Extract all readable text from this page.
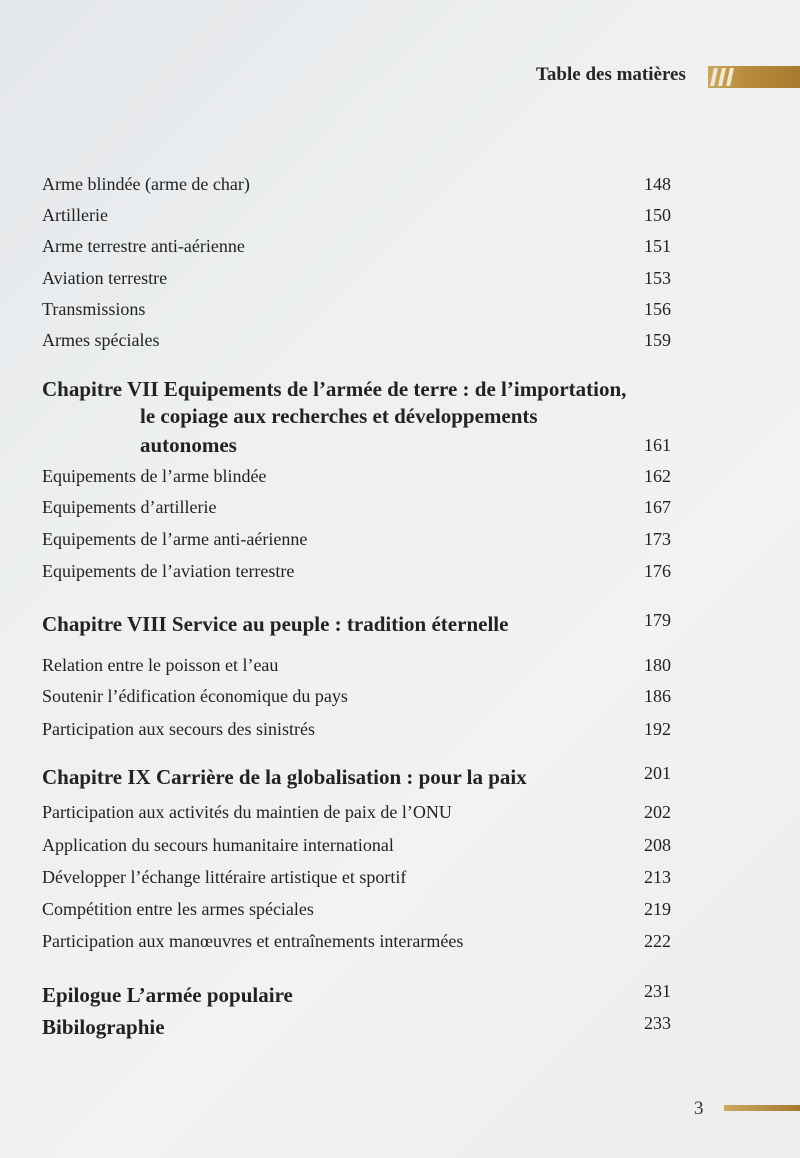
Table des matières
Arme blindée (arme de char)	148
Artillerie	150
Arme terrestre anti-aérienne	151
Aviation terrestre	153
Transmissions	156
Armes spéciales	159
Chapitre VII Equipements de l’armée de terre : de l’importation,
le copiage aux recherches et développements
autonomes	161
Equipements de l’arme blindée	162
Equipements d’artillerie	167
Equipements de l’arme anti-aérienne	173
Equipements de l’aviation terrestre	176
Chapitre VIII Service au peuple : tradition éternelle	179
Relation entre le poisson et l’eau	180
Soutenir l’édification économique du pays	186
Participation aux secours des sinistrés	192
Chapitre IX Carrière de la globalisation : pour la paix	201
Participation aux activités du maintien de paix de l’ONU	202
Application du secours humanitaire international	208
Développer l’échange littéraire artistique et sportif	213
Compétition entre les armes spéciales	219
Participation aux manœuvres et entraînements interarmées	222
Epilogue L’armée populaire	231
Bibilographie	233
3
